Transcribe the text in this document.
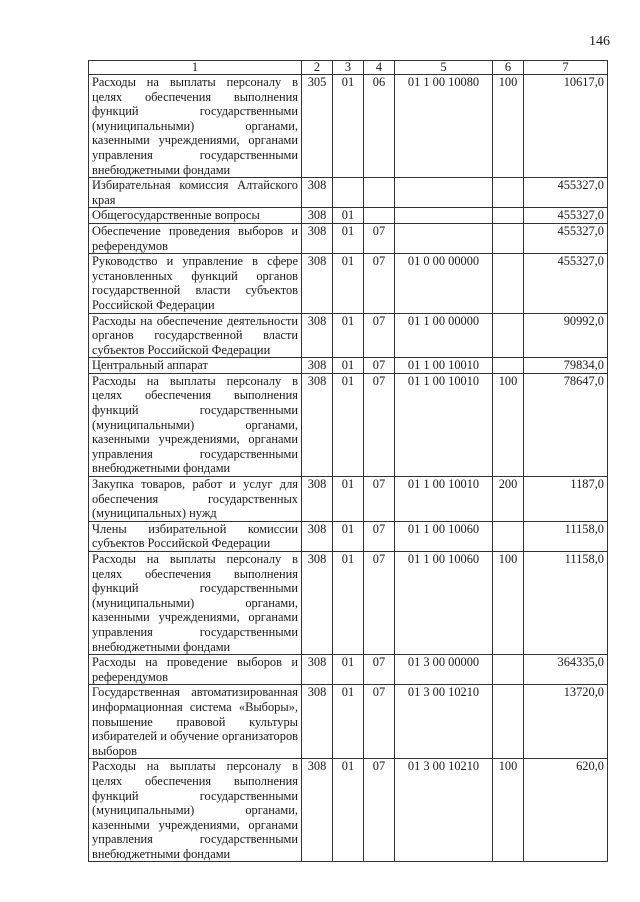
146
1	2	3	4	5	6	7
Расходы на выплаты персоналу в целях обеспечения выполнения функций государственными (муниципальными) органами, казенными учреждениями, органами управления государственными внебюджетными фондами	305	01	06	01 1 00 10080	100	10617,0
Избирательная комиссия Алтайского края	308					455327,0
Общегосударственные вопросы	308	01				455327,0
Обеспечение проведения выборов и референдумов	308	01	07			455327,0
Руководство и управление в сфере установленных функций органов государственной власти субъектов Российской Федерации	308	01	07	01 0 00 00000		455327,0
Расходы на обеспечение деятельности органов государственной власти субъектов Российской Федерации	308	01	07	01 1 00 00000		90992,0
Центральный аппарат	308	01	07	01 1 00 10010		79834,0
Расходы на выплаты персоналу в целях обеспечения выполнения функций государственными (муниципальными) органами, казенными учреждениями, органами управления государственными внебюджетными фондами	308	01	07	01 1 00 10010	100	78647,0
Закупка товаров, работ и услуг для обеспечения государственных (муниципальных) нужд	308	01	07	01 1 00 10010	200	1187,0
Члены избирательной комиссии субъектов Российской Федерации	308	01	07	01 1 00 10060		11158,0
Расходы на выплаты персоналу в целях обеспечения выполнения функций государственными (муниципальными) органами, казенными учреждениями, органами управления государственными внебюджетными фондами	308	01	07	01 1 00 10060	100	11158,0
Расходы на проведение выборов и референдумов	308	01	07	01 3 00 00000		364335,0
Государственная автоматизированная информационная система «Выборы», повышение правовой культуры избирателей и обучение организаторов выборов	308	01	07	01 3 00 10210		13720,0
Расходы на выплаты персоналу в целях обеспечения выполнения функций государственными (муниципальными) органами, казенными учреждениями, органами управления государственными внебюджетными фондами	308	01	07	01 3 00 10210	100	620,0
